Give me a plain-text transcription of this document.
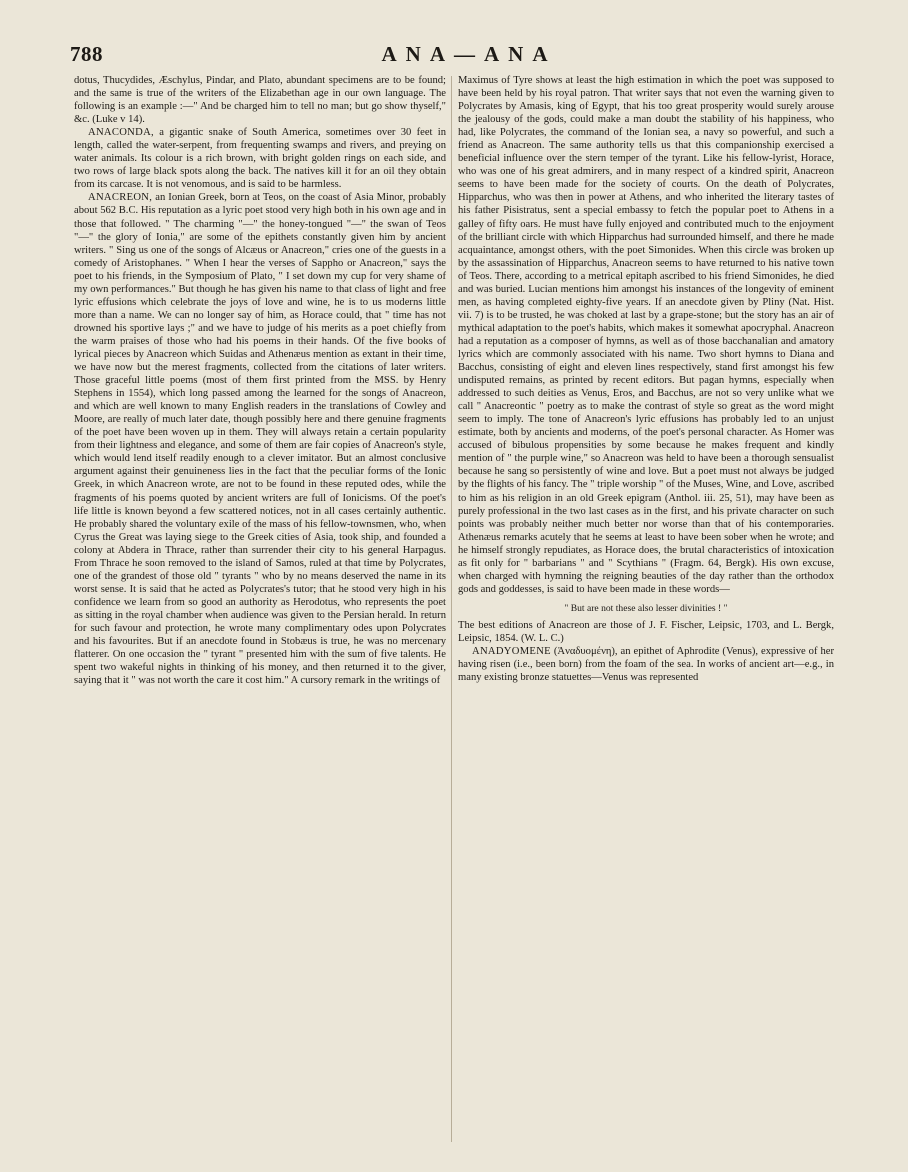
788	ANA—ANA

dotus, Thucydides, Æschylus, Pindar, and Plato, abundant specimens are to be found; and the same is true of the writers of the Elizabethan age in our own language. The following is an example :—" And be charged him to tell no man; but go show thyself," &c. (Luke v 14).

ANACONDA, a gigantic snake of South America, sometimes over 30 feet in length, called the water-serpent, from frequenting swamps and rivers, and preying on water animals. Its colour is a rich brown, with bright golden rings on each side, and two rows of large black spots along the back. The natives kill it for an oil they obtain from its carcase. It is not venomous, and is said to be harmless.

ANACREON, an Ionian Greek, born at Teos, on the coast of Asia Minor, probably about 562 B.C. His reputation as a lyric poet stood very high both in his own age and in those that followed. " The charming "—" the honey-tongued "—" the swan of Teos "—" the glory of Ionia," are some of the epithets constantly given him by ancient writers. " Sing us one of the songs of Alcæus or Anacreon," cries one of the guests in a comedy of Aristophanes. " When I hear the verses of Sappho or Anacreon," says the poet to his friends, in the Symposium of Plato, " I set down my cup for very shame of my own performances." But though he has given his name to that class of light and free lyric effusions which celebrate the joys of love and wine, he is to us moderns little more than a name. We can no longer say of him, as Horace could, that " time has not drowned his sportive lays ;" and we have to judge of his merits as a poet chiefly from the warm praises of those who had his poems in their hands. Of the five books of lyrical pieces by Anacreon which Suidas and Athenæus mention as extant in their time, we have now but the merest fragments, collected from the citations of later writers. Those graceful little poems (most of them first printed from the MSS. by Henry Stephens in 1554), which long passed among the learned for the songs of Anacreon, and which are well known to many English readers in the translations of Cowley and Moore, are really of much later date, though possibly here and there genuine fragments of the poet have been woven up in them. They will always retain a certain popularity from their lightness and elegance, and some of them are fair copies of Anacreon's style, which would lend itself readily enough to a clever imitator. But an almost conclusive argument against their genuineness lies in the fact that the peculiar forms of the Ionic Greek, in which Anacreon wrote, are not to be found in these reputed odes, while the fragments of his poems quoted by ancient writers are full of Ionicisms. Of the poet's life little is known beyond a few scattered notices, not in all cases certainly authentic. He probably shared the voluntary exile of the mass of his fellow-townsmen, who, when Cyrus the Great was laying siege to the Greek cities of Asia, took ship, and founded a colony at Abdera in Thrace, rather than surrender their city to his general Harpagus. From Thrace he soon removed to the island of Samos, ruled at that time by Polycrates, one of the grandest of those old " tyrants " who by no means deserved the name in its worst sense. It is said that he acted as Polycrates's tutor; that he stood very high in his confidence we learn from so good an authority as Herodotus, who represents the poet as sitting in the royal chamber when audience was given to the Persian herald. In return for such favour and protection, he wrote many complimentary odes upon Polycrates and his favourites. But if an anecdote found in Stobæus is true, he was no mercenary flatterer. On one occasion the " tyrant " presented him with the sum of five talents. He spent two wakeful nights in thinking of his money, and then returned it to the giver, saying that it " was not worth the care it cost him." A cursory remark in the writings of

Maximus of Tyre shows at least the high estimation in which the poet was supposed to have been held by his royal patron. That writer says that not even the warning given to Polycrates by Amasis, king of Egypt, that his too great prosperity would surely arouse the jealousy of the gods, could make a man doubt the stability of his happiness, who had, like Polycrates, the command of the Ionian sea, a navy so powerful, and such a friend as Anacreon. The same authority tells us that this companionship exercised a beneficial influence over the stern temper of the tyrant. Like his fellow-lyrist, Horace, who was one of his great admirers, and in many respect of a kindred spirit, Anacreon seems to have been made for the society of courts. On the death of Polycrates, Hipparchus, who was then in power at Athens, and who inherited the literary tastes of his father Pisistratus, sent a special embassy to fetch the popular poet to Athens in a galley of fifty oars. He must have fully enjoyed and contributed much to the enjoyment of the brilliant circle with which Hipparchus had surrounded himself, and there he made acquaintance, amongst others, with the poet Simonides. When this circle was broken up by the assassination of Hipparchus, Anacreon seems to have returned to his native town of Teos. There, according to a metrical epitaph ascribed to his friend Simonides, he died and was buried. Lucian mentions him amongst his instances of the longevity of eminent men, as having completed eighty-five years. If an anecdote given by Pliny (Nat. Hist. vii. 7) is to be trusted, he was choked at last by a grape-stone; but the story has an air of mythical adaptation to the poet's habits, which makes it somewhat apocryphal. Anacreon had a reputation as a composer of hymns, as well as of those bacchanalian and amatory lyrics which are commonly associated with his name. Two short hymns to Diana and Bacchus, consisting of eight and eleven lines respectively, stand first amongst his few undisputed remains, as printed by recent editors. But pagan hymns, especially when addressed to such deities as Venus, Eros, and Bacchus, are not so very unlike what we call " Anacreontic " poetry as to make the contrast of style so great as the word might seem to imply. The tone of Anacreon's lyric effusions has probably led to an unjust estimate, both by ancients and moderns, of the poet's personal character. As Homer was accused of bibulous propensities by some because he makes frequent and kindly mention of " the purple wine," so Anacreon was held to have been a thorough sensualist because he sang so persistently of wine and love. But a poet must not always be judged by the flights of his fancy. The " triple worship " of the Muses, Wine, and Love, ascribed to him as his religion in an old Greek epigram (Anthol. iii. 25, 51), may have been as purely professional in the two last cases as in the first, and his private character on such points was probably neither much better nor worse than that of his contemporaries. Athenæus remarks acutely that he seems at least to have been sober when he wrote; and he himself strongly repudiates, as Horace does, the brutal characteristics of intoxication as fit only for " barbarians " and " Scythians " (Fragm. 64, Bergk). His own excuse, when charged with hymning the reigning beauties of the day rather than the orthodox gods and goddesses, is said to have been made in these words—

" But are not these also lesser divinities ! "

The best editions of Anacreon are those of J. F. Fischer, Leipsic, 1703, and L. Bergk, Leipsic, 1854. (W. L. C.)

ANADYOMENE (Ἀναδυομένη), an epithet of Aphrodite (Venus), expressive of her having risen (i.e., been born) from the foam of the sea. In works of ancient art—e.g., in many existing bronze statuettes—Venus was represented
